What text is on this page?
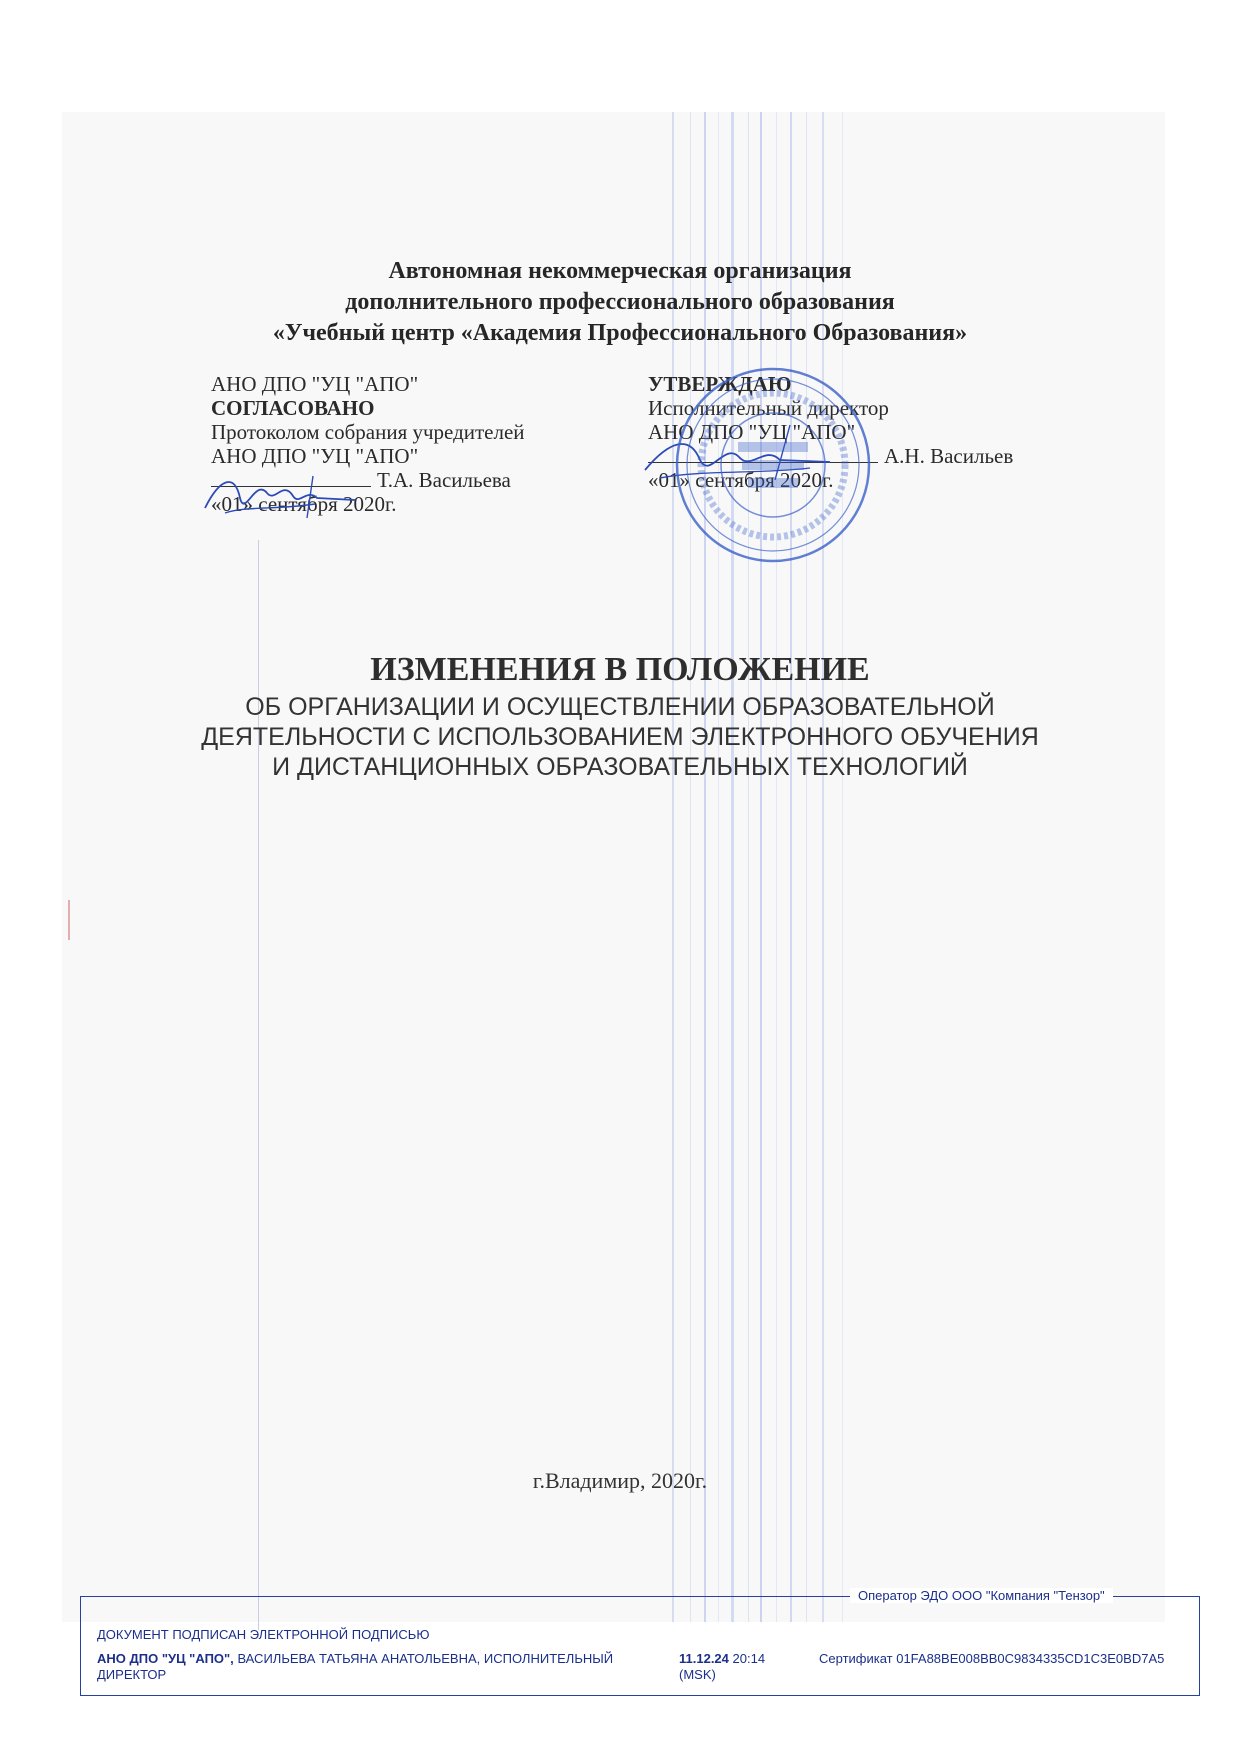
Автономная некоммерческая организация
дополнительного профессионального образования
«Учебный центр «Академия Профессионального Образования»
АНО ДПО "УЦ "АПО"
СОГЛАСОВАНО
Протоколом собрания учредителей
АНО ДПО "УЦ "АПО"
Т.А. Васильева
«01» сентября 2020г.
УТВЕРЖДАЮ
Исполнительный директор
АНО ДПО "УЦ "АПО"
А.Н. Васильев
«01» сентября 2020г.
ИЗМЕНЕНИЯ В ПОЛОЖЕНИЕ
ОБ ОРГАНИЗАЦИИ И ОСУЩЕСТВЛЕНИИ ОБРАЗОВАТЕЛЬНОЙ
ДЕЯТЕЛЬНОСТИ С ИСПОЛЬЗОВАНИЕМ ЭЛЕКТРОННОГО ОБУЧЕНИЯ
И ДИСТАНЦИОННЫХ ОБРАЗОВАТЕЛЬНЫХ ТЕХНОЛОГИЙ
г.Владимир, 2020г.
ДОКУМЕНТ ПОДПИСАН ЭЛЕКТРОННОЙ ПОДПИСЬЮ
АНО ДПО "УЦ "АПО", ВАСИЛЬЕВА ТАТЬЯНА АНАТОЛЬЕВНА, ИСПОЛНИТЕЛЬНЫЙ ДИРЕКТОР
11.12.24 20:14
(MSK)
Сертификат 01FA88BE008BB0C9834335CD1C3E0BD7A5
Оператор ЭДО ООО "Компания "Тензор"
